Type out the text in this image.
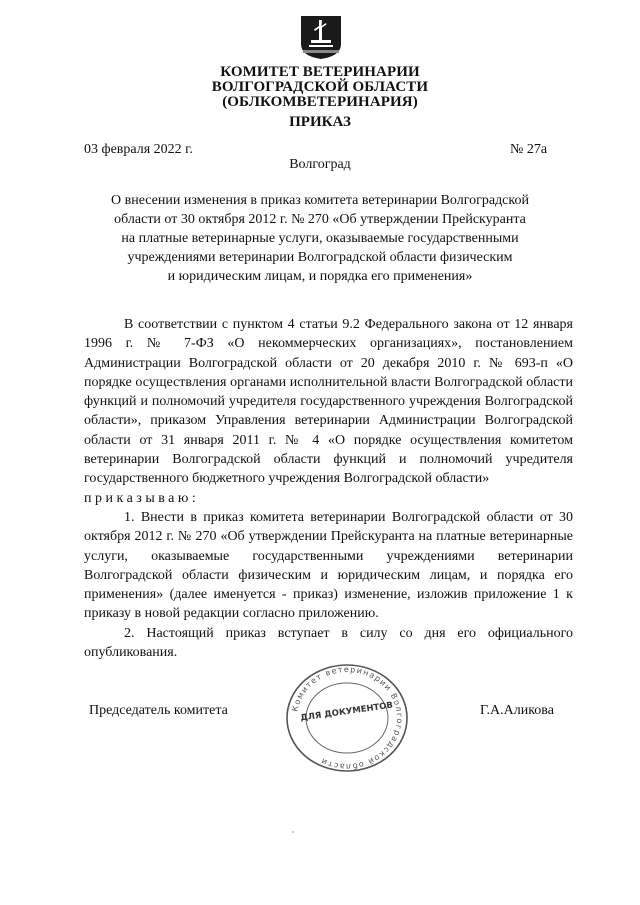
КОМИТЕТ ВЕТЕРИНАРИИ
ВОЛГОГРАДСКОЙ ОБЛАСТИ
(ОБЛКОМВЕТЕРИНАРИЯ)
ПРИКАЗ
03 февраля 2022 г.	№ 27а
Волгоград
О внесении изменения в приказ комитета ветеринарии Волгоградской
области от 30 октября 2012 г. № 270 «Об утверждении Прейскуранта
на платные ветеринарные услуги, оказываемые государственными
учреждениями ветеринарии Волгоградской области физическим
и юридическим лицам, и порядка его применения»

В соответствии с пунктом 4 статьи 9.2 Федерального закона от 12 января 1996 г. № 7-ФЗ «О некоммерческих организациях», постановлением Администрации Волгоградской области от 20 декабря 2010 г. № 693-п «О порядке осуществления органами исполнительной власти Волгоградской области функций и полномочий учредителя государственного учреждения Волгоградской области», приказом Управления ветеринарии Администрации Волгоградской области от 31 января 2011 г. № 4 «О порядке осуществления комитетом ветеринарии Волгоградской области функций и полномочий учредителя государственного бюджетного учреждения Волгоградской области»

приказываю:

1. Внести в приказ комитета ветеринарии Волгоградской области от 30 октября 2012 г. № 270 «Об утверждении Прейскуранта на платные ветеринарные услуги, оказываемые государственными учреждениями ветеринарии Волгоградской области физическим и юридическим лицам, и порядка его применения» (далее именуется - приказ) изменение, изложив приложение 1 к приказу в новой редакции согласно приложению.

2. Настоящий приказ вступает в силу со дня его официального опубликования.

Председатель комитета	Г.А.Аликова
Комитет ветеринарии Волгоградской области
ДЛЯ ДОКУМЕНТОВ
